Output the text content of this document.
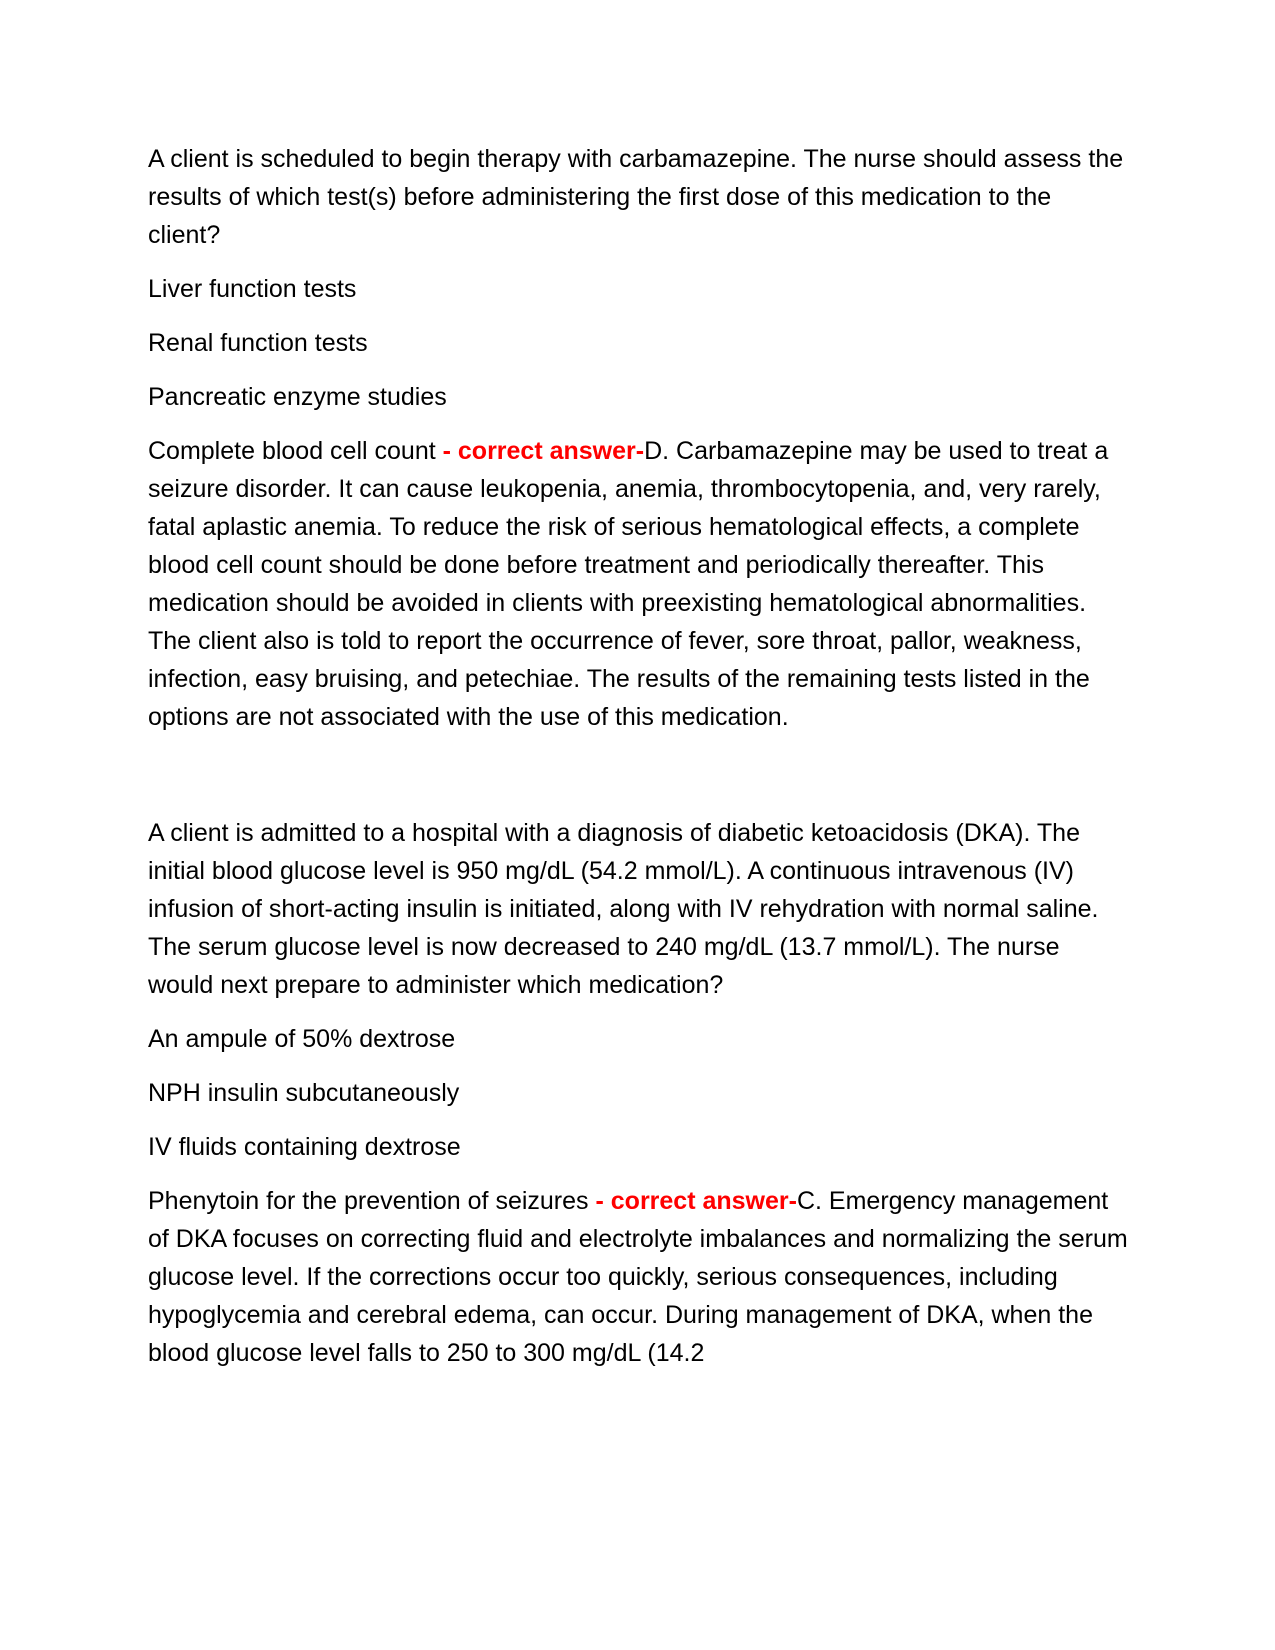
A client is scheduled to begin therapy with carbamazepine. The nurse should assess the results of which test(s) before administering the first dose of this medication to the client?

Liver function tests

Renal function tests

Pancreatic enzyme studies

Complete blood cell count - correct answer-D. Carbamazepine may be used to treat a seizure disorder. It can cause leukopenia, anemia, thrombocytopenia, and, very rarely, fatal aplastic anemia. To reduce the risk of serious hematological effects, a complete blood cell count should be done before treatment and periodically thereafter. This medication should be avoided in clients with preexisting hematological abnormalities. The client also is told to report the occurrence of fever, sore throat, pallor, weakness, infection, easy bruising, and petechiae. The results of the remaining tests listed in the options are not associated with the use of this medication.

A client is admitted to a hospital with a diagnosis of diabetic ketoacidosis (DKA). The initial blood glucose level is 950 mg/dL (54.2 mmol/L). A continuous intravenous (IV) infusion of short-acting insulin is initiated, along with IV rehydration with normal saline. The serum glucose level is now decreased to 240 mg/dL (13.7 mmol/L). The nurse would next prepare to administer which medication?

An ampule of 50% dextrose

NPH insulin subcutaneously

IV fluids containing dextrose

Phenytoin for the prevention of seizures - correct answer-C. Emergency management of DKA focuses on correcting fluid and electrolyte imbalances and normalizing the serum glucose level. If the corrections occur too quickly, serious consequences, including hypoglycemia and cerebral edema, can occur. During management of DKA, when the blood glucose level falls to 250 to 300 mg/dL (14.2
